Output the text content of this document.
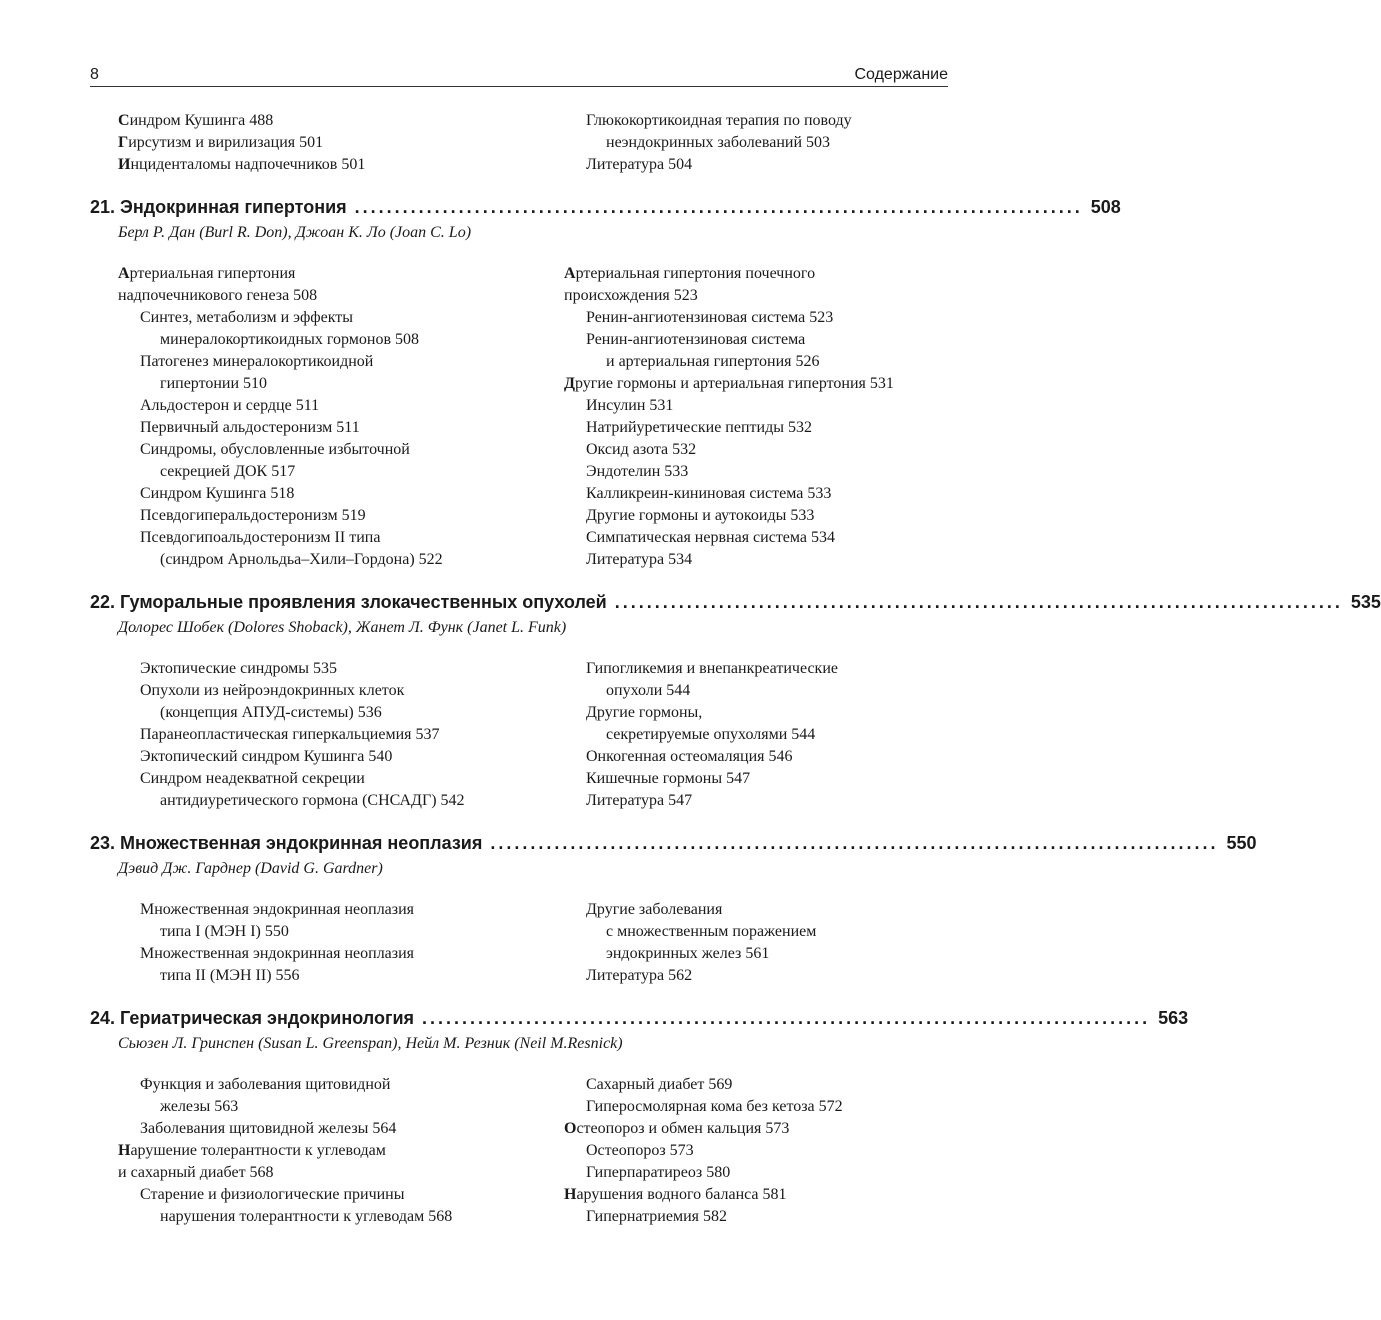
8	Содержание
Синдром Кушинга 488
Гирсутизм и вирилизация 501
Инциденталомы надпочечников 501
Глюкокортикоидная терапия по поводу
неэндокринных заболеваний 503
Литература 504
21. Эндокринная гипертония ........................................................................................... 508
Берл Р. Дан (Burl R. Don), Джоан К. Ло (Joan C. Lo)
Артериальная гипертония
надпочечникового генеза 508
Синтез, метаболизм и эффекты
минералокортикоидных гормонов 508
Патогенез минералокортикоидной
гипертонии 510
Альдостерон и сердце 511
Первичный альдостеронизм 511
Синдромы, обусловленные избыточной
секрецией ДОК 517
Синдром Кушинга 518
Псевдогиперальдостеронизм 519
Псевдогипоальдостеронизм II типа
(синдром Арнольдьа–Хили–Гордона) 522
Артериальная гипертония почечного
происхождения 523
Ренин-ангиотензиновая система 523
Ренин-ангиотензиновая система
и артериальная гипертония 526
Другие гормоны и артериальная гипертония 531
Инсулин 531
Натрийуретические пептиды 532
Оксид азота 532
Эндотелин 533
Калликреин-кининовая система 533
Другие гормоны и аутокоиды 533
Симпатическая нервная система 534
Литература 534
22. Гуморальные проявления злокачественных опухолей ........................................................................................... 535
Долорес Шобек (Dolores Shoback), Жанет Л. Функ (Janet L. Funk)
Эктопические синдромы 535
Опухоли из нейроэндокринных клеток
(концепция АПУД-системы) 536
Паранеопластическая гиперкальциемия 537
Эктопический синдром Кушинга 540
Синдром неадекватной секреции
антидиуретического гормона (СНСАДГ) 542
Гипогликемия и внепанкреатические
опухоли 544
Другие гормоны,
секретируемые опухолями 544
Онкогенная остеомаляция 546
Кишечные гормоны 547
Литература 547
23. Множественная эндокринная неоплазия ........................................................................................... 550
Дэвид Дж. Гарднер (David G. Gardner)
Множественная эндокринная неоплазия
типа I (МЭН I) 550
Множественная эндокринная неоплазия
типа II (МЭН II) 556
Другие заболевания
с множественным поражением
эндокринных желез 561
Литература 562
24. Гериатрическая эндокринология ........................................................................................... 563
Сьюзен Л. Гринспен (Susan L. Greenspan), Нейл М. Резник (Neil M.Resnick)
Функция и заболевания щитовидной
железы 563
Заболевания щитовидной железы 564
Нарушение толерантности к углеводам
и сахарный диабет 568
Старение и физиологические причины
нарушения толерантности к углеводам 568
Сахарный диабет 569
Гиперосмолярная кома без кетоза 572
Остеопороз и обмен кальция 573
Остеопороз 573
Гиперпаратиреоз 580
Нарушения водного баланса 581
Гипернатриемия 582
